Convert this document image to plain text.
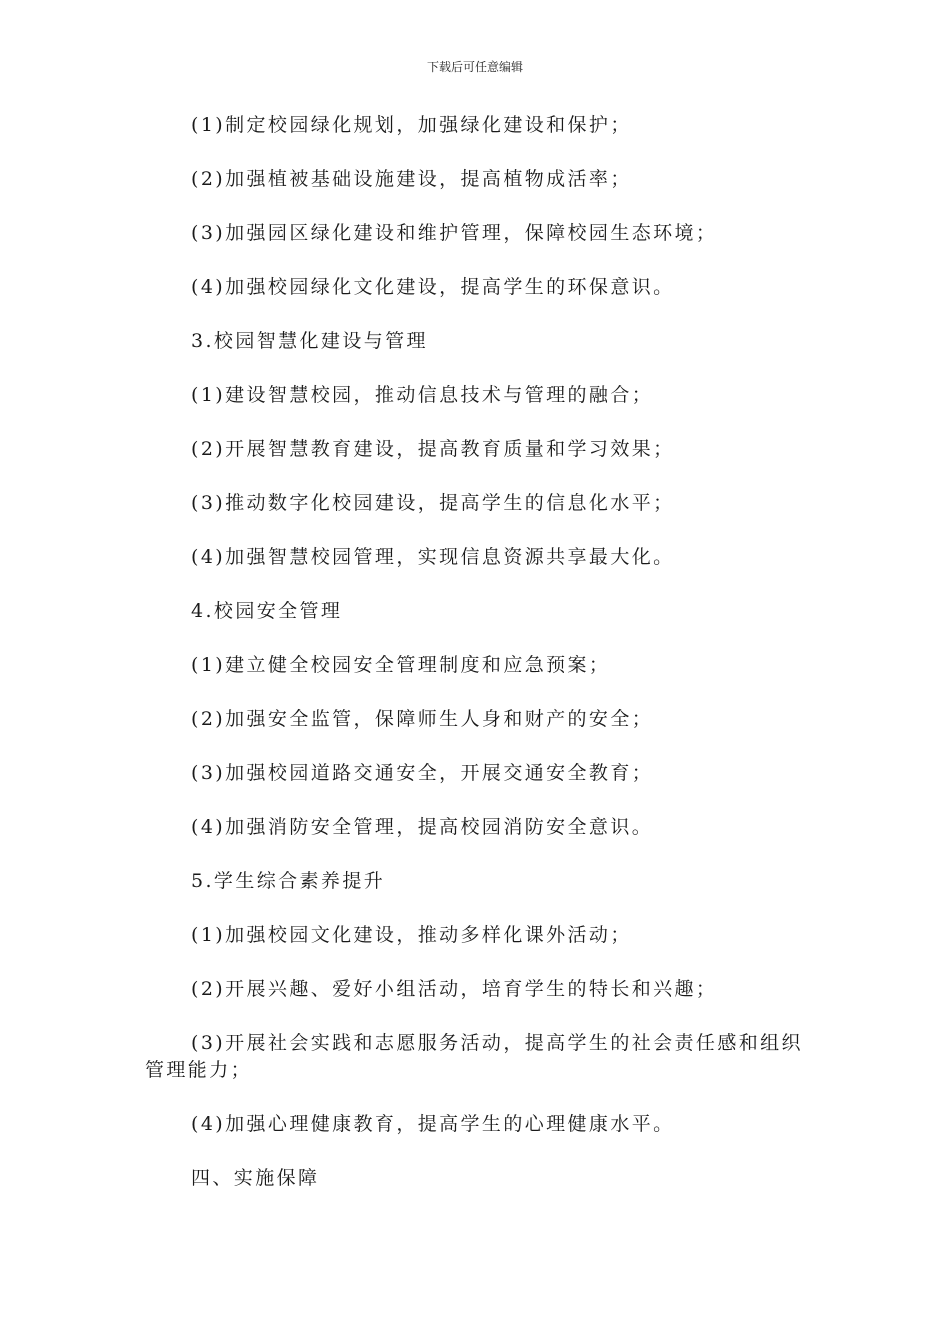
下载后可任意编辑

(1)制定校园绿化规划，加强绿化建设和保护；

(2)加强植被基础设施建设，提高植物成活率；

(3)加强园区绿化建设和维护管理，保障校园生态环境；

(4)加强校园绿化文化建设，提高学生的环保意识。

3.校园智慧化建设与管理

(1)建设智慧校园，推动信息技术与管理的融合；

(2)开展智慧教育建设，提高教育质量和学习效果；

(3)推动数字化校园建设，提高学生的信息化水平；

(4)加强智慧校园管理，实现信息资源共享最大化。

4.校园安全管理

(1)建立健全校园安全管理制度和应急预案；

(2)加强安全监管，保障师生人身和财产的安全；

(3)加强校园道路交通安全，开展交通安全教育；

(4)加强消防安全管理，提高校园消防安全意识。

5.学生综合素养提升

(1)加强校园文化建设，推动多样化课外活动；

(2)开展兴趣、爱好小组活动，培育学生的特长和兴趣；

(3)开展社会实践和志愿服务活动，提高学生的社会责任感和组织管理能力；

(4)加强心理健康教育，提高学生的心理健康水平。

四、实施保障
